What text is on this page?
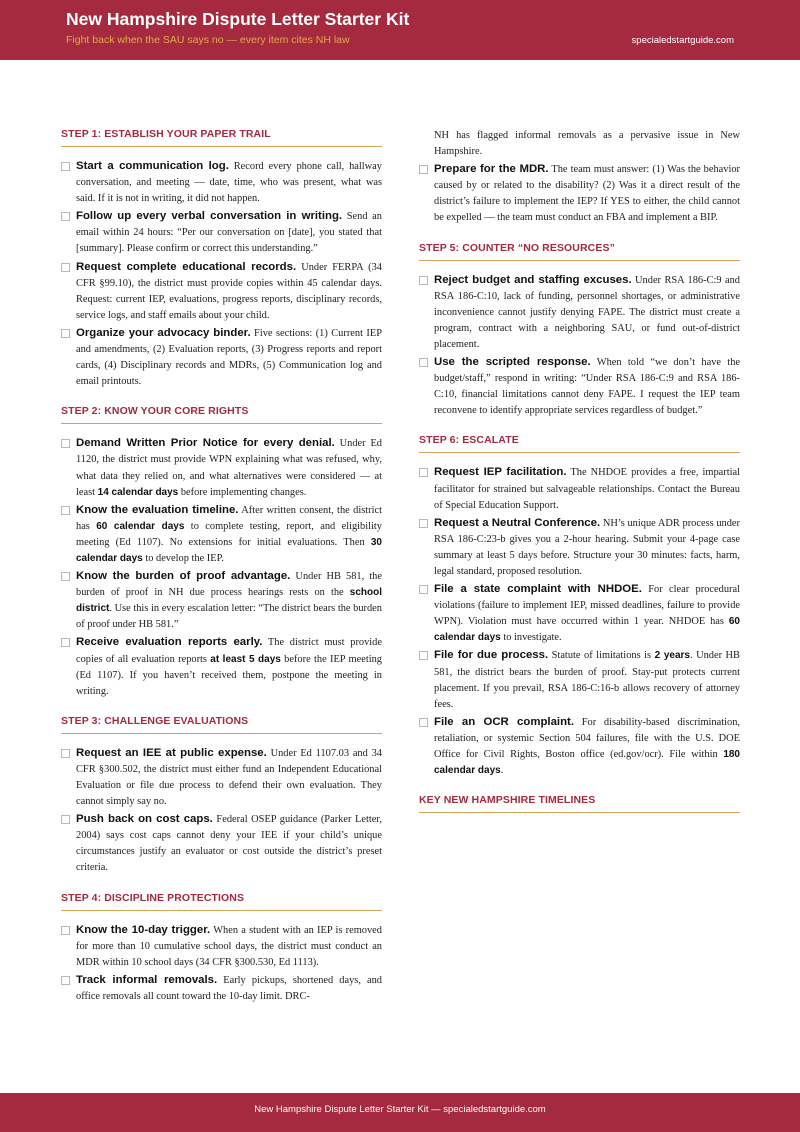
New Hampshire Dispute Letter Starter Kit
Fight back when the SAU says no — every item cites NH law	specialedstartguide.com
STEP 1: ESTABLISH YOUR PAPER TRAIL
Start a communication log. Record every phone call, hallway conversation, and meeting — date, time, who was present, what was said. If it is not in writing, it did not happen.
Follow up every verbal conversation in writing. Send an email within 24 hours: “Per our conversation on [date], you stated that [summary]. Please confirm or correct this understanding.”
Request complete educational records. Under FERPA (34 CFR §99.10), the district must provide copies within 45 calendar days. Request: current IEP, evaluations, progress reports, disciplinary records, service logs, and staff emails about your child.
Organize your advocacy binder. Five sections: (1) Current IEP and amendments, (2) Evaluation reports, (3) Progress reports and report cards, (4) Disciplinary records and MDRs, (5) Communication log and email printouts.
STEP 2: KNOW YOUR CORE RIGHTS
Demand Written Prior Notice for every denial. Under Ed 1120, the district must provide WPN explaining what was refused, why, what data they relied on, and what alternatives were considered — at least 14 calendar days before implementing changes.
Know the evaluation timeline. After written consent, the district has 60 calendar days to complete testing, report, and eligibility meeting (Ed 1107). No extensions for initial evaluations. Then 30 calendar days to develop the IEP.
Know the burden of proof advantage. Under HB 581, the burden of proof in NH due process hearings rests on the school district. Use this in every escalation letter: “The district bears the burden of proof under HB 581.”
Receive evaluation reports early. The district must provide copies of all evaluation reports at least 5 days before the IEP meeting (Ed 1107). If you haven’t received them, postpone the meeting in writing.
STEP 3: CHALLENGE EVALUATIONS
Request an IEE at public expense. Under Ed 1107.03 and 34 CFR §300.502, the district must either fund an Independent Educational Evaluation or file due process to defend their own evaluation. They cannot simply say no.
Push back on cost caps. Federal OSEP guidance (Parker Letter, 2004) says cost caps cannot deny your IEE if your child’s unique circumstances justify an evaluator or cost outside the district’s preset criteria.
STEP 4: DISCIPLINE PROTECTIONS
Know the 10-day trigger. When a student with an IEP is removed for more than 10 cumulative school days, the district must conduct an MDR within 10 school days (34 CFR §300.530, Ed 1113).
Track informal removals. Early pickups, shortened days, and office removals all count toward the 10-day limit. DRC-
NH has flagged informal removals as a pervasive issue in New Hampshire.
Prepare for the MDR. The team must answer: (1) Was the behavior caused by or related to the disability? (2) Was it a direct result of the district’s failure to implement the IEP? If YES to either, the child cannot be expelled — the team must conduct an FBA and implement a BIP.
STEP 5: COUNTER “NO RESOURCES”
Reject budget and staffing excuses. Under RSA 186-C:9 and RSA 186-C:10, lack of funding, personnel shortages, or administrative inconvenience cannot justify denying FAPE. The district must create a program, contract with a neighboring SAU, or fund out-of-district placement.
Use the scripted response. When told “we don’t have the budget/staff,” respond in writing: “Under RSA 186-C:9 and RSA 186-C:10, financial limitations cannot deny FAPE. I request the IEP team reconvene to identify appropriate services regardless of budget.”
STEP 6: ESCALATE
Request IEP facilitation. The NHDOE provides a free, impartial facilitator for strained but salvageable relationships. Contact the Bureau of Special Education Support.
Request a Neutral Conference. NH’s unique ADR process under RSA 186-C:23-b gives you a 2-hour hearing. Submit your 4-page case summary at least 5 days before. Structure your 30 minutes: facts, harm, legal standard, proposed resolution.
File a state complaint with NHDOE. For clear procedural violations (failure to implement IEP, missed deadlines, failure to provide WPN). Violation must have occurred within 1 year. NHDOE has 60 calendar days to investigate.
File for due process. Statute of limitations is 2 years. Under HB 581, the district bears the burden of proof. Stay-put protects current placement. If you prevail, RSA 186-C:16-b allows recovery of attorney fees.
File an OCR complaint. For disability-based discrimination, retaliation, or systemic Section 504 failures, file with the U.S. DOE Office for Civil Rights, Boston office (ed.gov/ocr). File within 180 calendar days.
KEY NEW HAMPSHIRE TIMELINES
New Hampshire Dispute Letter Starter Kit — specialedstartguide.com
